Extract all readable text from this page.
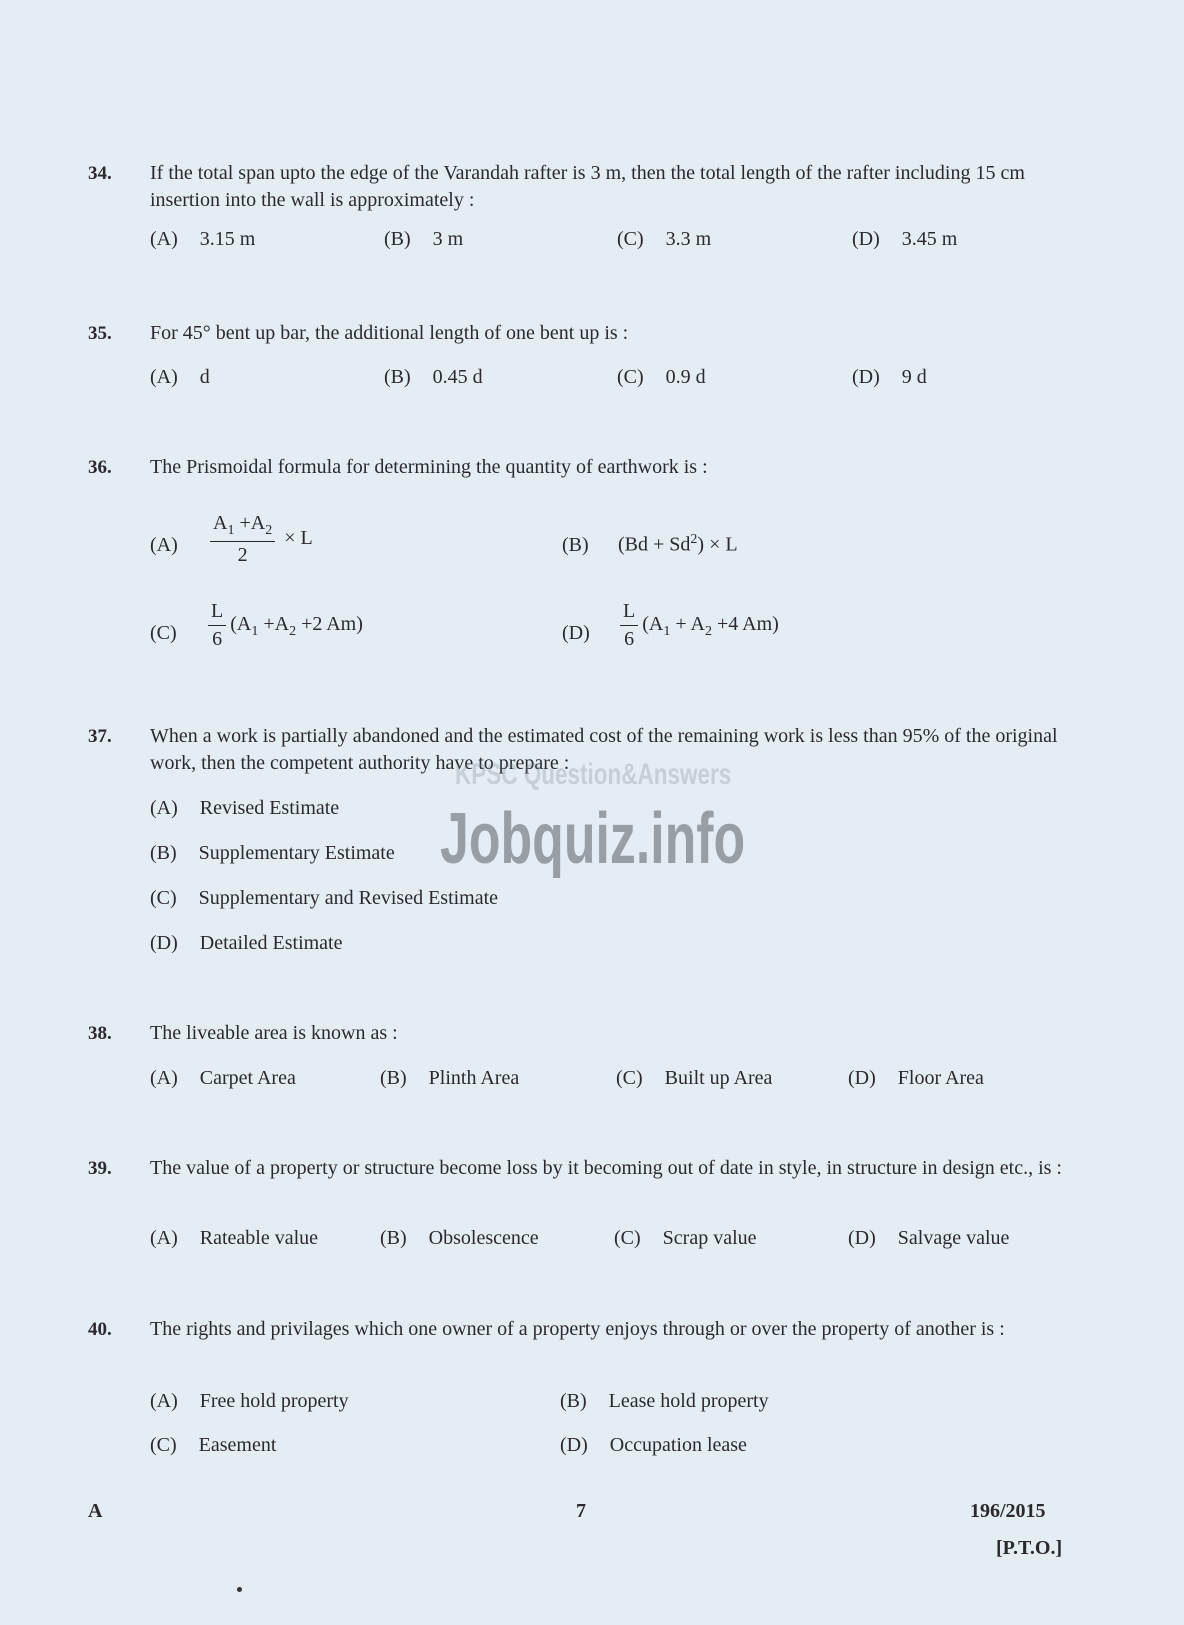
34. If the total span upto the edge of the Varandah rafter is 3 m, then the total length of the rafter including 15 cm insertion into the wall is approximately :
(A) 3.15 m	(B) 3 m	(C) 3.3 m	(D) 3.45 m
35. For 45° bent up bar, the additional length of one bent up is :
(A) d	(B) 0.45 d	(C) 0.9 d	(D) 9 d
36. The Prismoidal formula for determining the quantity of earthwork is :
$(A) \frac{A_1 +A_2}{2} \times L$	(B) $(Bd + Sd^2) \times L$
$(C) \frac{L}{6} (A_1 +A_2 +2$ Am)	$(D) \frac{L}{6} (A_1 + A_2 +4$ Am)
37. When a work is partially abandoned and the estimated cost of the remaining work is less than 95% of the original work, then the competent authority have to prepare :
(A) Revised Estimate
(B) Supplementary Estimate
(C) Supplementary and Revised Estimate
(D) Detailed Estimate
KPSC Question&Answers
Jobquiz.info
38. The liveable area is known as :
(A) Carpet Area	(B) Plinth Area	(C) Built up Area	(D) Floor Area
39. The value of a property or structure become loss by it becoming out of date in style, in structure in design etc., is :
(A) Rateable value	(B) Obsolescence	(C) Scrap value	(D) Salvage value
40. The rights and privilages which one owner of a property enjoys through or over the property of another is :
(A) Free hold property	(B) Lease hold property
(C) Easement	(D) Occupation lease
A	7	196/2015
[P.T.O.]
